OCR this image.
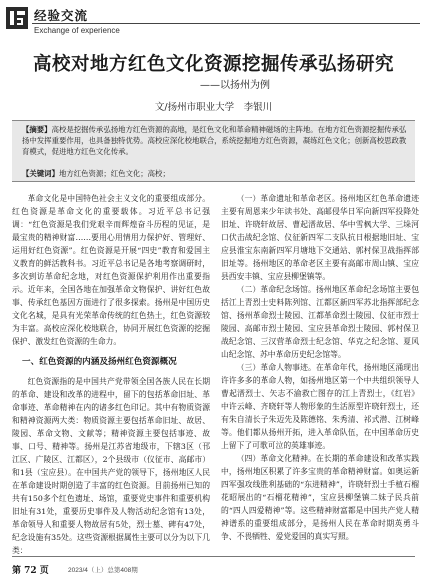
经验交流
Exchange of experience
高校对地方红色文化资源挖掘传承弘扬研究
——以扬州为例
文/扬州市职业大学　李银川

【摘要】高校是挖掘传承弘扬地方红色资源的高地，是红色文化和革命精神磁场的主阵地。在地方红色资源挖掘传承弘扬中发挥重要作用，也具备独特优势。高校应深化校地联合，系统挖掘地方红色资源，凝练红色文化；创新高校思政教育模式，促进地方红色文化传承。

【关键词】地方红色资源；红色文化；高校；

革命文化是中国特色社会主义文化的重要组成部分。红色资源是革命文化的重要载体。习近平总书记强调：“红色资源是我们党艰辛而辉煌奋斗历程的见证，是最宝贵的精神财富……要用心用情用力保护好、管理好、运用好红色资源”。红色资源是开展“四史”教育和爱国主义教育的鲜活教科书。习近平总书记是各地考察调研时，多次到访革命纪念地，对红色资源保护利用作出重要指示。近年来，全国各地在加强革命文物保护、讲好红色故事、传承红色基因方面进行了很多探索。扬州是中国历史文化名城，是具有光荣革命传统的红色热土，红色资源较为丰富。高校应深化校地联合，协同开展红色资源的挖掘保护、激发红色资源的生命力。

一、红色资源的内涵及扬州红色资源概况

红色资源指的是中国共产党带领全国各族人民在长期的革命、建设和改革的进程中，留下的包括革命旧址、革命事迹、革命精神在内的诸多红色印记。其中有物质资源和精神资源两大类：物质资源主要包括革命旧址、故居、陵园、革命文物、文献等；精神资源主要包括事迹、故事、口号、精神等。扬州是江苏省地级市，下辖3区（邗江区、广陵区、江都区），2个县级市（仪征市、高邮市）和1县（宝应县）。在中国共产党的领导下，扬州地区人民在革命建设时期创造了丰富的红色资源。目前扬州已知的共有150多个红色遗址、场馆，重要党史事件和重要机构旧址有31处，重要历史事件及人物活动纪念馆有13处，革命领导人和重要人物故居有5处，烈士墓、碑有47处，纪念设施有35处。这些资源根据属性主要可以分为以下几类：

（一）革命遗址和革命老区。扬州地区红色革命遗迹主要有周恩来少年读书处、高邮侵华日军向新四军投降处旧址、许晓轩故居、曹起溍故居、华中雪枫大学、三垛河口伏击战纪念馆、仪征新四军二支队抗日根据地旧址、宝应县淮宝东南新四军月塘地下交通站、郭村保卫战指挥部旧址等。扬州地区的革命老区主要有高邮市周山镇、宝应县西安丰镇、宝应县柳堡镇等。

（二）革命纪念场馆。扬州地区革命纪念场馆主要包括江上青烈士史料陈列馆、江都区新四军苏北指挥部纪念馆、扬州革命烈士陵园、江都革命烈士陵园、仪征市烈士陵园、高邮市烈士陵园、宝应县革命烈士陵园、郭村保卫战纪念馆、三汉营革命烈士纪念馆、华克之纪念馆、夏风山纪念馆、苏中革命历史纪念馆等。

（三）革命人物事迹。在革命年代，扬州地区涌现出许许多多的革命人物，如扬州地区第一个中共组织领导人曹起溍烈士、矢志不渝救亡图存的江上青烈士，《红岩》中许云峰、齐晓轩等人物形象的生活原型许晓轩烈士，还有朱自清长子朱迈先及陈德铭、朱秀清、祁式潜、江树峰等。他们都从扬州开拓，进入革命队伍，在中国革命历史上留下了可歌可泣的英雄事迹。

（四）革命文化精神。在长期的革命建设和改革实践中，扬州地区积累了许多宝贵的革命精神财富。如奥运新四军强攻线胜利基础的“东进精神”，许晓轩烈士手植石榴花昭展出的“石榴花精神”，宝应县柳堡镇二妹子民兵前的“四人四爱精神”等。这些精神财富都是中国共产党人精神谱系的重要组成部分，是扬州人民在革命时期英勇斗争、不畏牺牲、爱党爱国的真实写照。

第 72 页	2023/4（上）总第408期
